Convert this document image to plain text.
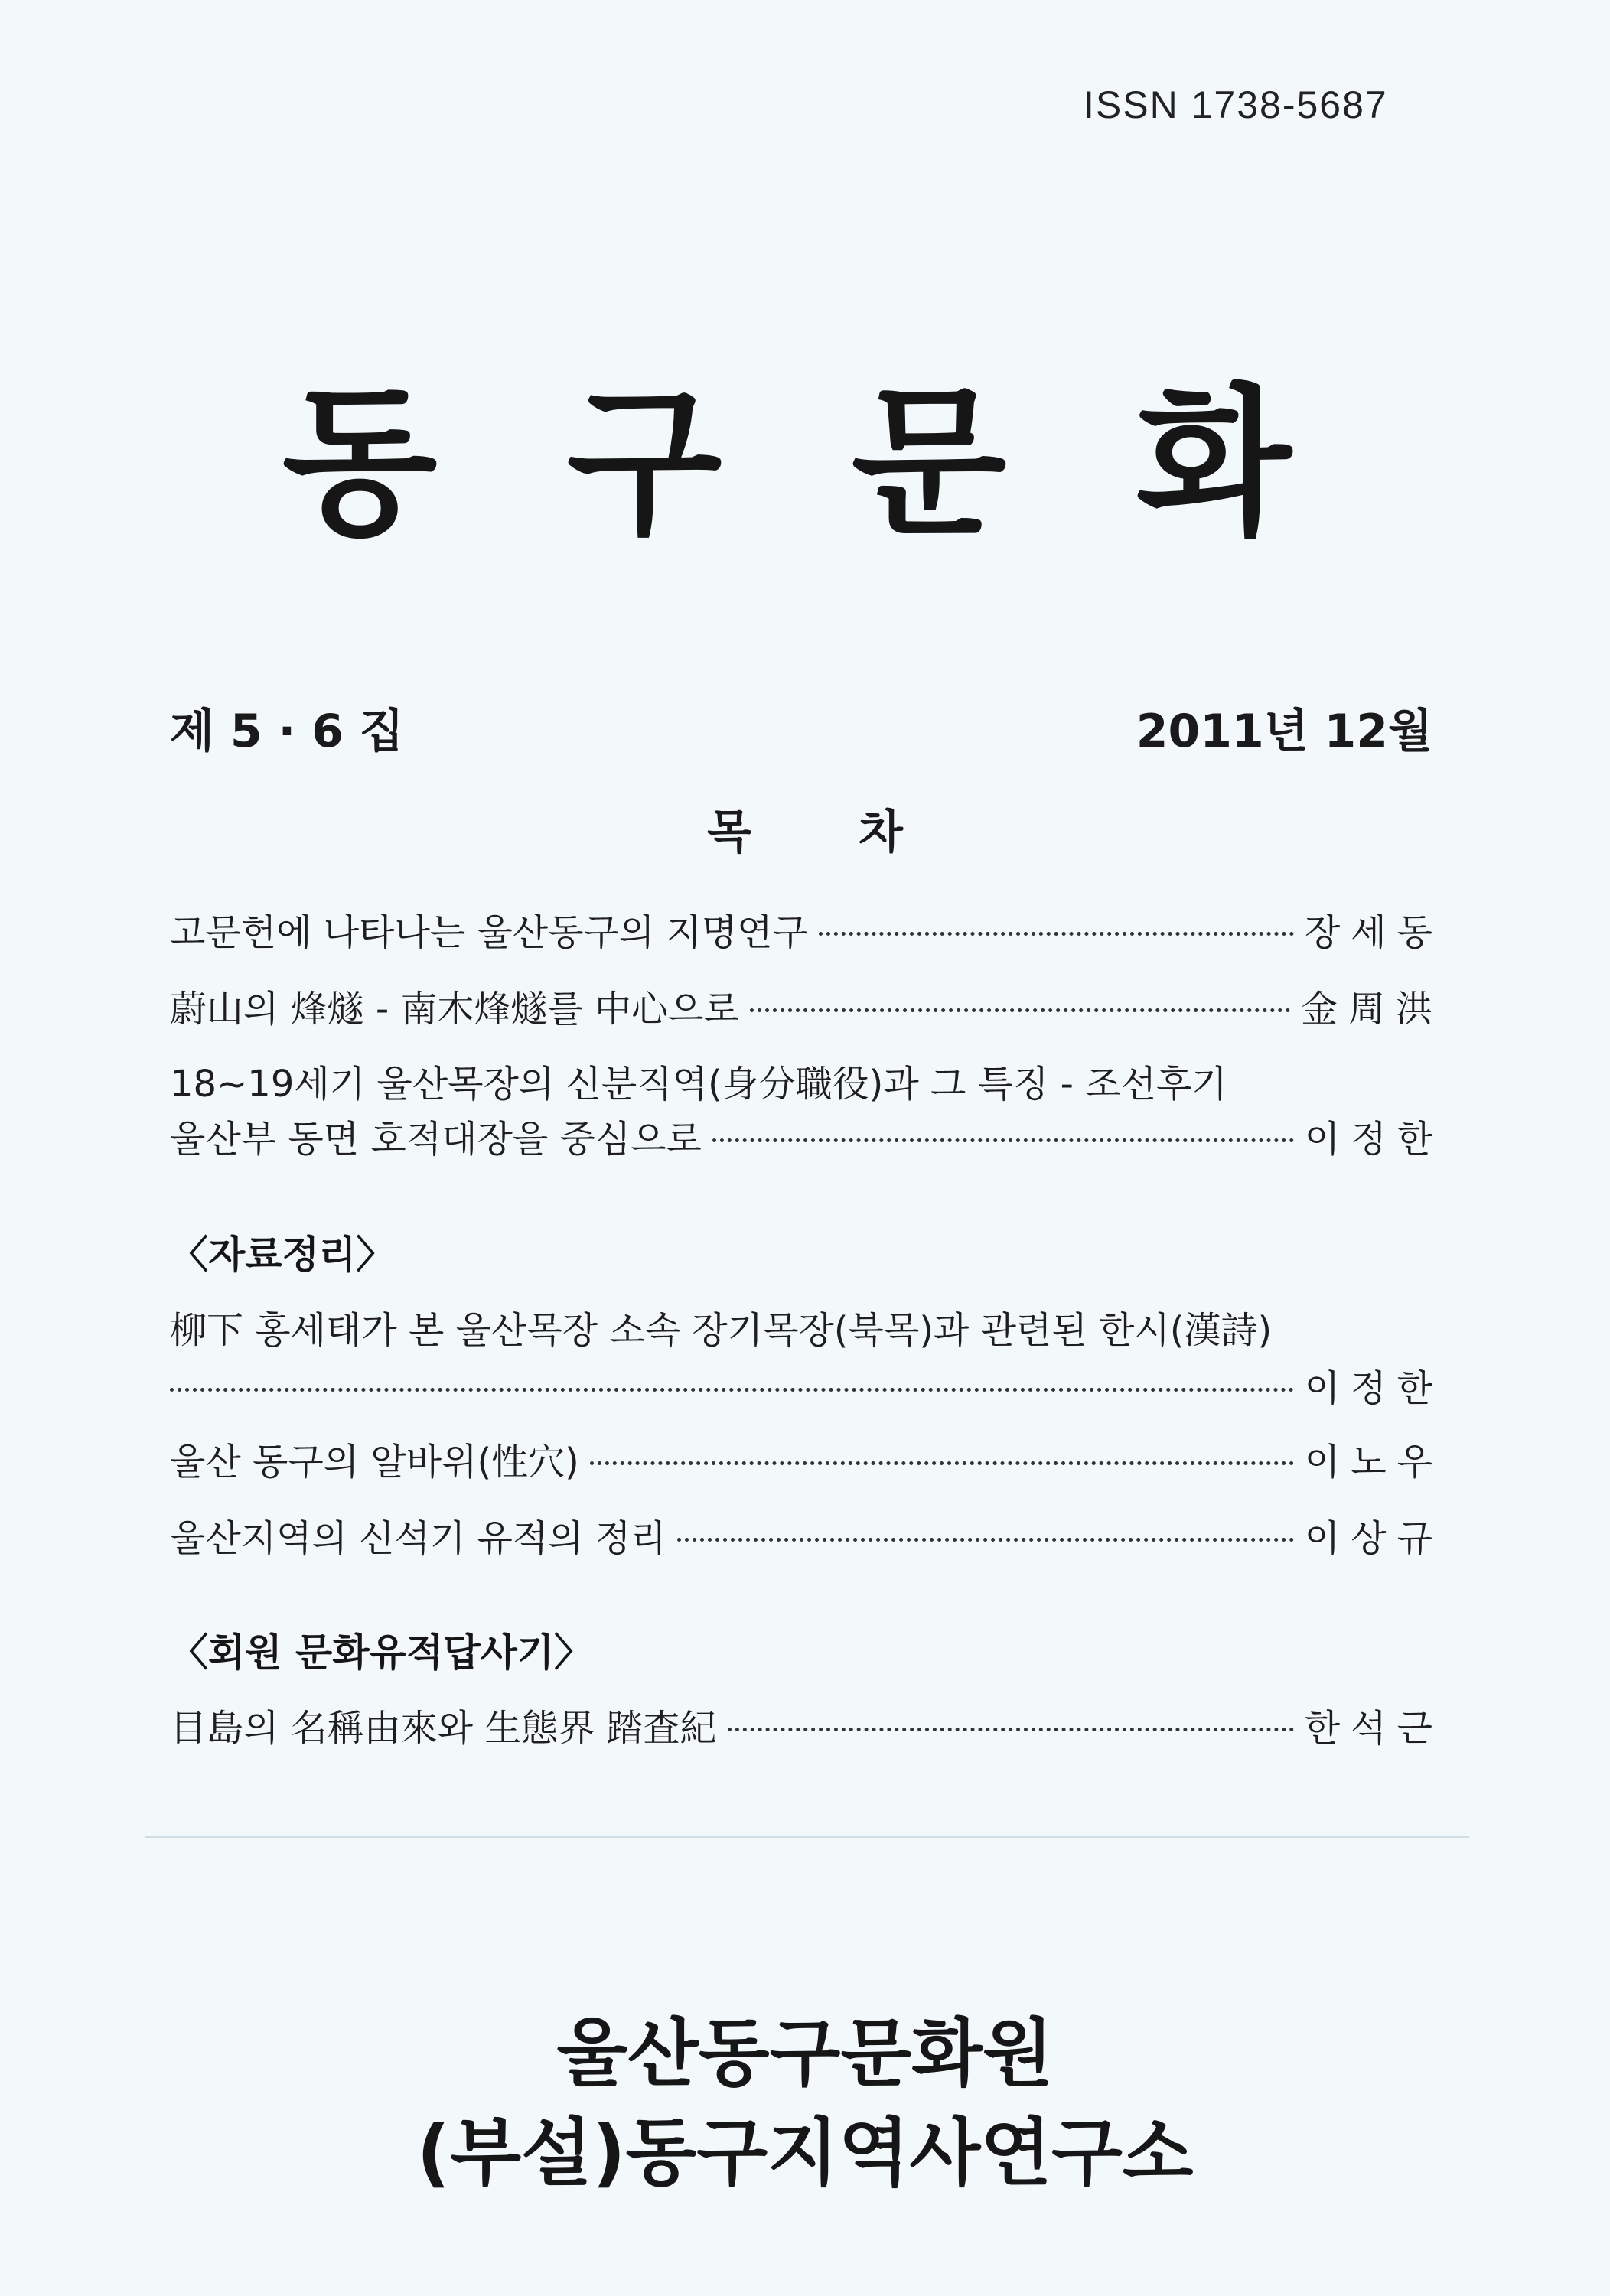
ISSN 1738-5687
동 구 문 화
제 5 · 6 집	2011년 12월
목차
고문헌에 나타나는 울산동구의 지명연구	장세동
蔚山의 烽燧 - 南木烽燧를 中心으로	金周洪
18~19세기 울산목장의 신분직역(身分職役)과 그 특징 - 조선후기
울산부 동면 호적대장을 중심으로	이정한
〈자료정리〉
柳下 홍세태가 본 울산목장 소속 장기목장(북목)과 관련된 한시(漢詩)
이정한
울산 동구의 알바위(性穴)	이노우
울산지역의 신석기 유적의 정리	이상규
〈회원 문화유적답사기〉
目島의 名稱由來와 生態界 踏査紀	한석근
울산동구문화원
(부설)동구지역사연구소
